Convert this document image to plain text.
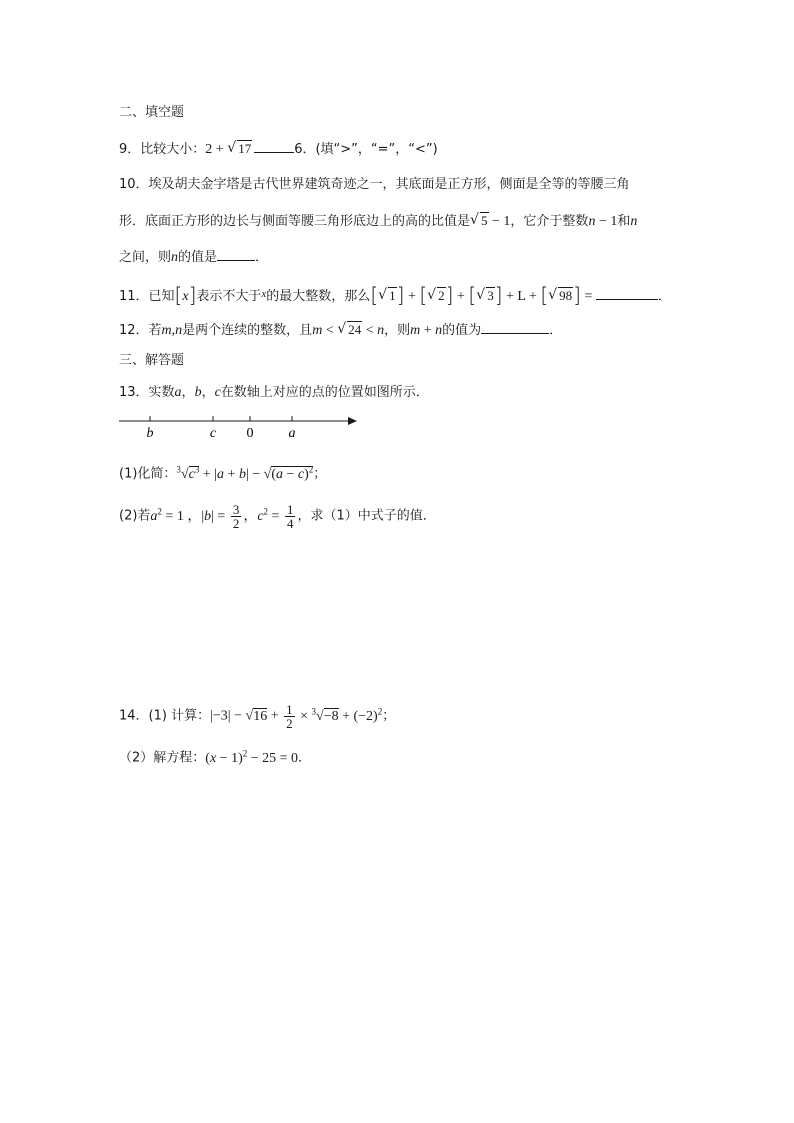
二、填空题
9．比较大小：2 + √ 17	6．(填“>”，“=”，“<”)
10．埃及胡夫金字塔是古代世界建筑奇迹之一，其底面是正方形，侧面是全等的等腰三角
形．底面正方形的边长与侧面等腰三角形底边上的高的比值是 √ 5 − 1，它介于整数n − 1和n
之间，则n的值是	．
11．已知[x]表示不大于$^x$的最大整数，那么[ √ 1] + [ √ 2] + [ √ 3] + L + [ √ 98] =	．
12．若m,n是两个连续的整数，且m < √ 24 < n，则m + n的值为	．
三、解答题
13．实数a，b，c在数轴上对应的点的位置如图所示．
b	c 0	a
(1)化简：$^3√c^3 + |a + b| - √(a - c)^2$；
(2)若$a^2 = 1$ ，$|b| = \frac{3}{2}$ ，$c^2 = \frac{1}{4}$ ，求（1）中式子的值．
14．(1) 计算：$|-3| - √16 + \frac{1}{2} \times ^3√-8 + (-2)^2$；
（2）解方程：$(x - 1)^2 - 25 = 0$．
